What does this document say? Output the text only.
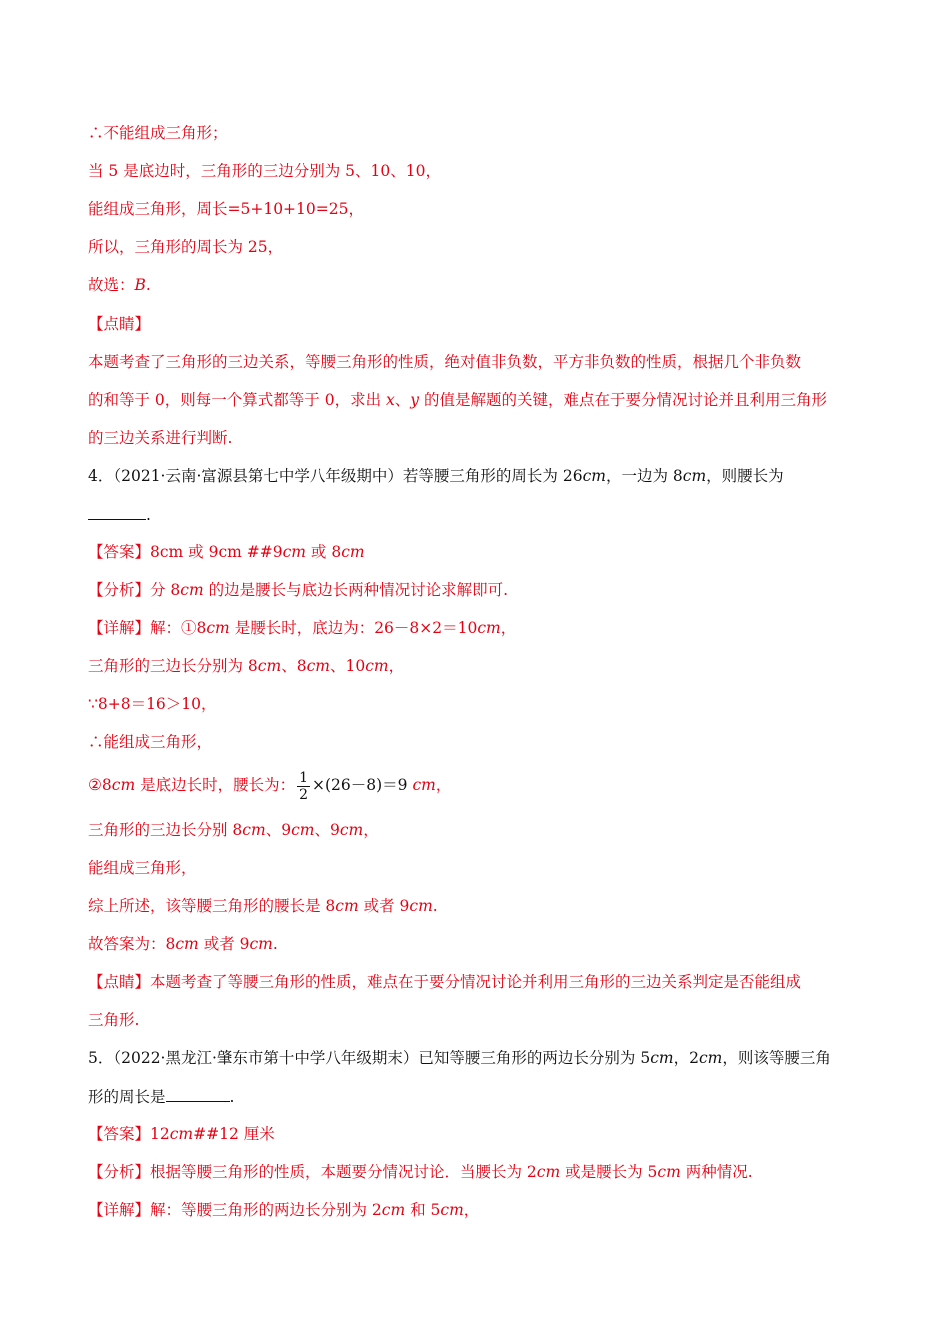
∴不能组成三角形；
当 5 是底边时，三角形的三边分别为 5、10、10，
能组成三角形，周长=5+10+10=25，
所以，三角形的周长为 25，
故选：B.
【点睛】
本题考查了三角形的三边关系，等腰三角形的性质，绝对值非负数，平方非负数的性质，根据几个非负数
的和等于 0，则每一个算式都等于 0，求出 x、y 的值是解题的关键，难点在于要分情况讨论并且利用三角形
的三边关系进行判断.
4．（2021·云南·富源县第七中学八年级期中）若等腰三角形的周长为 26cm，一边为 8cm，则腰长为
.
【答案】8cm 或 9cm ##9cm 或 8cm
【分析】分 8cm 的边是腰长与底边长两种情况讨论求解即可.
【详解】解：①8cm 是腰长时，底边为：26－8×2＝10cm，
三角形的三边长分别为 8cm、8cm、10cm，
∵8+8＝16＞10，
∴能组成三角形，
②8cm 是底边长时，腰长为： $\frac{1}{2} \times(26-8)=9$ cm，
三角形的三边长分别 8cm、9cm、9cm，
能组成三角形，
综上所述，该等腰三角形的腰长是 8cm 或者 9cm.
故答案为：8cm 或者 9cm.
【点睛】本题考查了等腰三角形的性质，难点在于要分情况讨论并利用三角形的三边关系判定是否能组成
三角形.
5．（2022·黑龙江·肇东市第十中学八年级期末）已知等腰三角形的两边长分别为 5cm，2cm，则该等腰三角
形的周长是	.
【答案】12cm##12 厘米
【分析】根据等腰三角形的性质，本题要分情况讨论．当腰长为 2cm 或是腰长为 5cm 两种情况.
【详解】解：等腰三角形的两边长分别为 2cm 和 5cm，
